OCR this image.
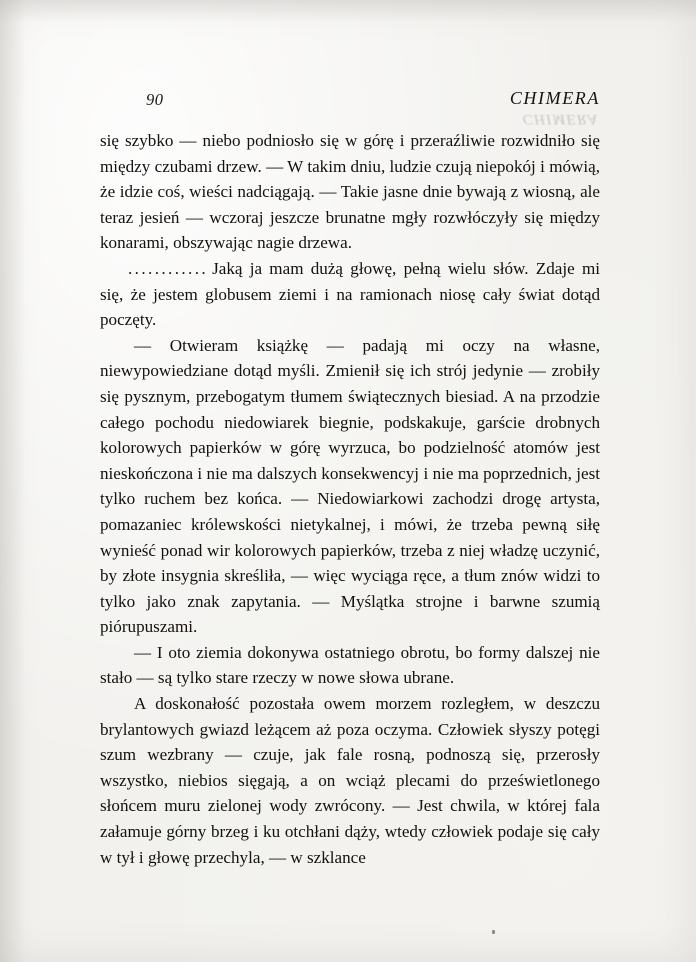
90	CHIMERA
CHIMERA

się szybko — niebo podniosło się w górę i przeraźliwie rozwidniło się między czubami drzew. — W takim dniu, ludzie czują niepokój i mówią, że idzie coś, wieści nadciągają. — Takie jasne dnie bywają z wiosną, ale teraz jesień — wczoraj jeszcze brunatne mgły rozwłóczyły się między konarami, obszywając nagie drzewa.

............ Jaką ja mam dużą głowę, pełną wielu słów. Zdaje mi się, że jestem globusem ziemi i na ramionach niosę cały świat dotąd poczęty.

— Otwieram książkę — padają mi oczy na własne, niewypowiedziane dotąd myśli. Zmienił się ich strój jedynie — zrobiły się pysznym, przebogatym tłumem świątecznych biesiad. A na przodzie całego pochodu niedowiarek biegnie, podskakuje, garście drobnych kolorowych papierków w górę wyrzuca, bo podzielność atomów jest nieskończona i nie ma dalszych konsekwencyj i nie ma poprzednich, jest tylko ruchem bez końca. — Niedowiarkowi zachodzi drogę artysta, pomazaniec królewskości nietykalnej, i mówi, że trzeba pewną siłę wynieść ponad wir kolorowych papierków, trzeba z niej władzę uczynić, by złote insygnia skreśliła, — więc wyciąga ręce, a tłum znów widzi to tylko jako znak zapytania. — Myślątka strojne i barwne szumią piórupuszami.

— I oto ziemia dokonywa ostatniego obrotu, bo formy dalszej nie stało — są tylko stare rzeczy w nowe słowa ubrane.

A doskonałość pozostała owem morzem rozległem, w deszczu brylantowych gwiazd leżącem aż poza oczyma. Człowiek słyszy potęgi szum wezbrany — czuje, jak fale rosną, podnoszą się, przerosły wszystko, niebios sięgają, a on wciąż plecami do prześwietlonego słońcem muru zielonej wody zwrócony. — Jest chwila, w której fala załamuje górny brzeg i ku otchłani dąży, wtedy człowiek podaje się cały w tył i głowę przechyla, — w szklance
